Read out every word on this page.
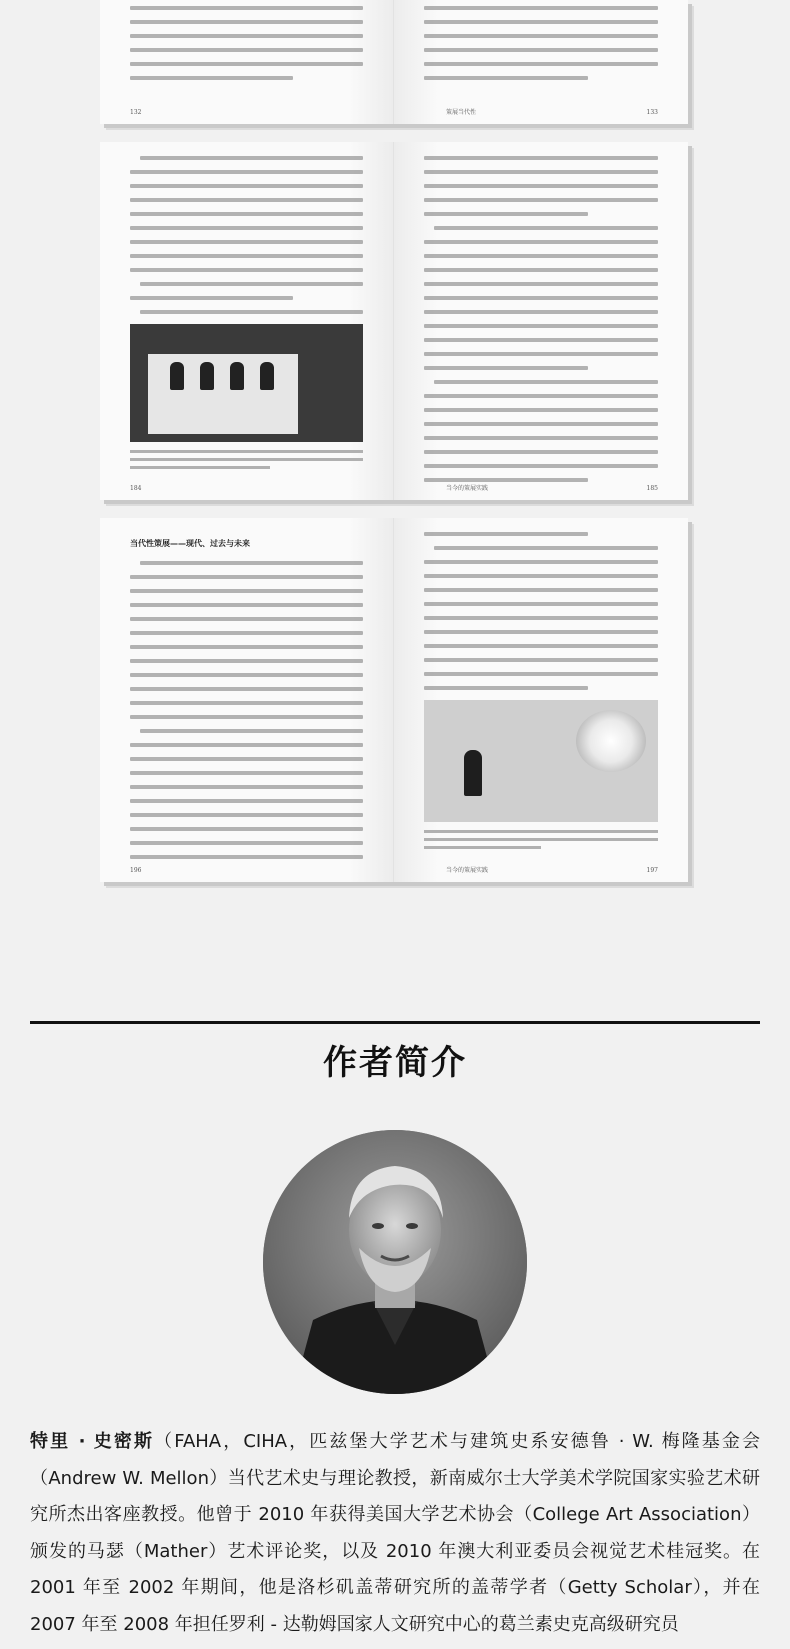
132	策展当代性	133
184	当今的策展实践	185
当代性策展——现代、过去与未来
196	当今的策展实践	197
作者简介
特里 · 史密斯（FAHA，CIHA，匹兹堡大学艺术与建筑史系安德鲁 · W. 梅隆基金会（Andrew W. Mellon）当代艺术史与理论教授，新南威尔士大学美术学院国家实验艺术研究所杰出客座教授。他曾于 2010 年获得美国大学艺术协会（College Art Association）颁发的马瑟（Mather）艺术评论奖，以及 2010 年澳大利亚委员会视觉艺术桂冠奖。在 2001 年至 2002 年期间，他是洛杉矶盖蒂研究所的盖蒂学者（Getty Scholar），并在 2007 年至 2008 年担任罗利 - 达勒姆国家人文研究中心的葛兰素史克高级研究员
